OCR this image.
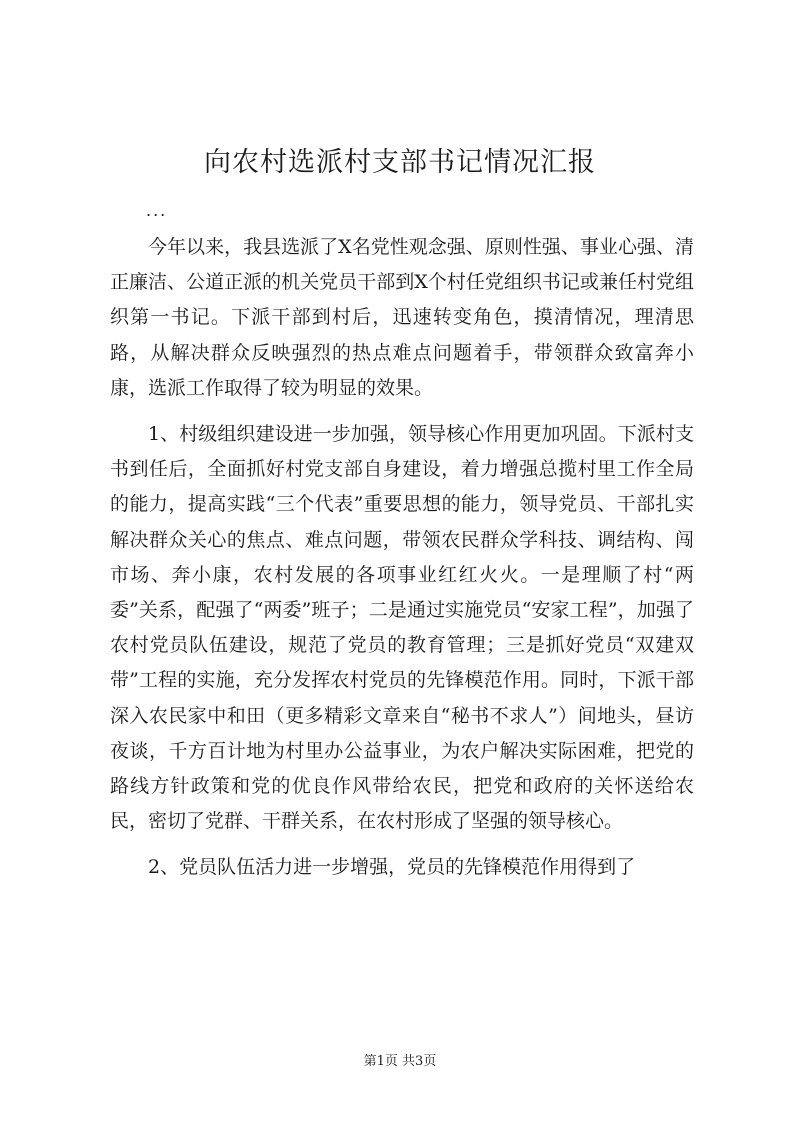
向农村选派村支部书记情况汇报
...

今年以来，我县选派了X名党性观念强、原则性强、事业心强、清正廉洁、公道正派的机关党员干部到X个村任党组织书记或兼任村党组织第一书记。下派干部到村后，迅速转变角色，摸清情况，理清思路，从解决群众反映强烈的热点难点问题着手，带领群众致富奔小康，选派工作取得了较为明显的效果。

1、村级组织建设进一步加强，领导核心作用更加巩固。下派村支书到任后，全面抓好村党支部自身建设，着力增强总揽村里工作全局的能力，提高实践“三个代表”重要思想的能力，领导党员、干部扎实解决群众关心的焦点、难点问题，带领农民群众学科技、调结构、闯市场、奔小康，农村发展的各项事业红红火火。一是理顺了村“两委”关系，配强了“两委”班子；二是通过实施党员“安家工程”，加强了农村党员队伍建设，规范了党员的教育管理；三是抓好党员“双建双带”工程的实施，充分发挥农村党员的先锋模范作用。同时，下派干部深入农民家中和田（更多精彩文章来自“秘书不求人”）间地头，昼访夜谈，千方百计地为村里办公益事业，为农户解决实际困难，把党的路线方针政策和党的优良作风带给农民，把党和政府的关怀送给农民，密切了党群、干群关系，在农村形成了坚强的领导核心。

2、党员队伍活力进一步增强，党员的先锋模范作用得到了

第1页 共3页
